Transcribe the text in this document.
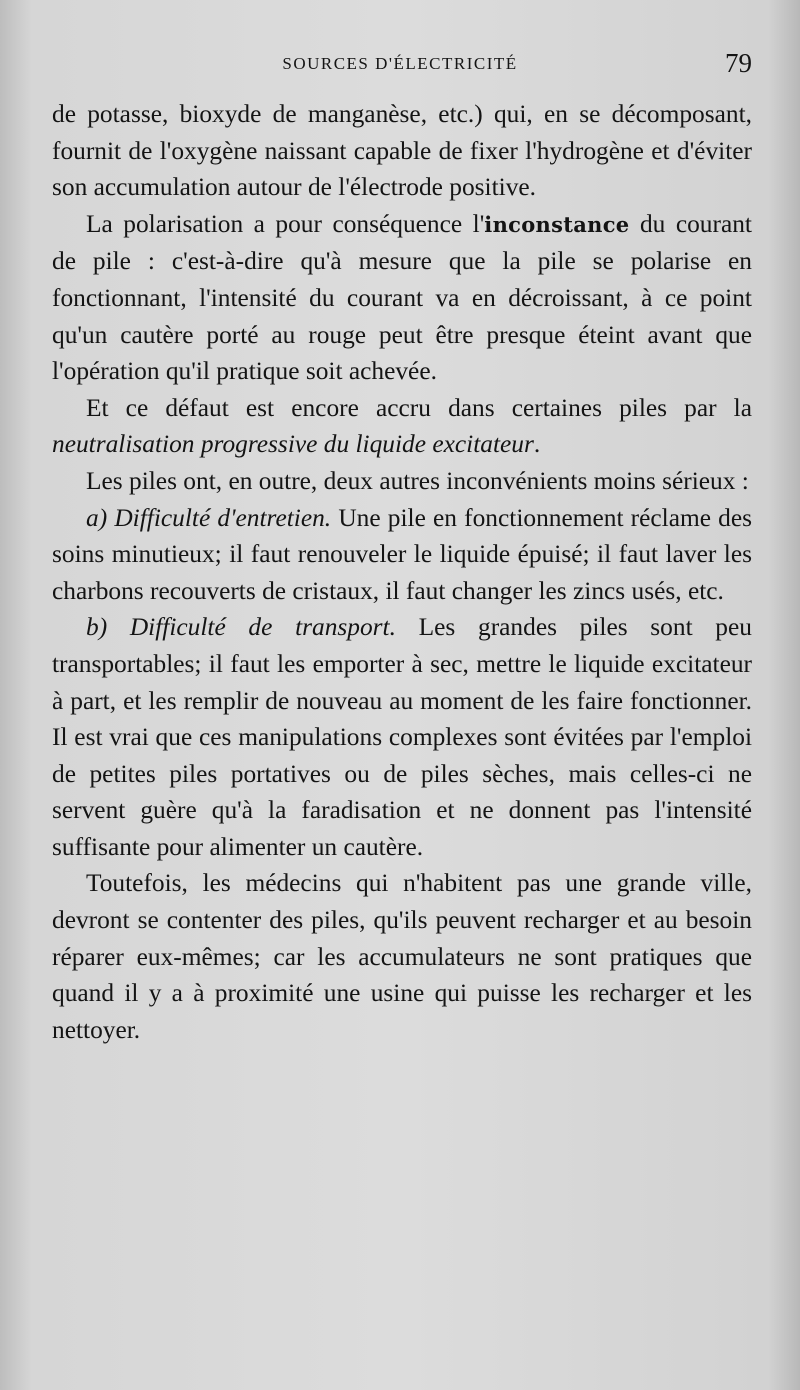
SOURCES D'ÉLECTRICITÉ	79

de potasse, bioxyde de manganèse, etc.) qui, en se décomposant, fournit de l'oxygène naissant capable de fixer l'hydrogène et d'éviter son accumulation autour de l'électrode positive.

La polarisation a pour conséquence l'inconstance du courant de pile : c'est-à-dire qu'à mesure que la pile se polarise en fonctionnant, l'intensité du courant va en décroissant, à ce point qu'un cautère porté au rouge peut être presque éteint avant que l'opération qu'il pratique soit achevée.

Et ce défaut est encore accru dans certaines piles par la neutralisation progressive du liquide excitateur.

Les piles ont, en outre, deux autres inconvénients moins sérieux :

a) Difficulté d'entretien. Une pile en fonctionnement réclame des soins minutieux; il faut renouveler le liquide épuisé; il faut laver les charbons recouverts de cristaux, il faut changer les zincs usés, etc.

b) Difficulté de transport. Les grandes piles sont peu transportables; il faut les emporter à sec, mettre le liquide excitateur à part, et les remplir de nouveau au moment de les faire fonctionner. Il est vrai que ces manipulations complexes sont évitées par l'emploi de petites piles portatives ou de piles sèches, mais celles-ci ne servent guère qu'à la faradisation et ne donnent pas l'intensité suffisante pour alimenter un cautère.

Toutefois, les médecins qui n'habitent pas une grande ville, devront se contenter des piles, qu'ils peuvent recharger et au besoin réparer eux-mêmes; car les accumulateurs ne sont pratiques que quand il y a à proximité une usine qui puisse les recharger et les nettoyer.
